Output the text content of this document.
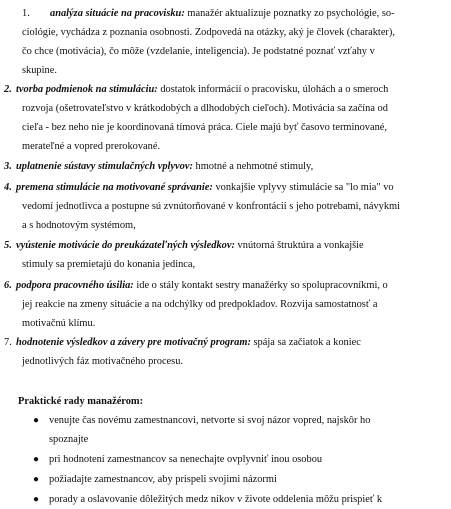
1. analýza situácie na pracovisku: manažér aktualizuje poznatky zo psychológie, so-
ciológie, vychádza z poznania osobnosti. Zodpovedá na otázky, aký je človek (charakter),
čo chce (motivácia), čo môže (vzdelanie, inteligencia). Je podstatné poznať vzťahy v
skupine.
2. tvorba podmienok na stimuláciu: dostatok informácií o pracovisku, úlohách a o smeroch
rozvoja (ošetrovateľstvo v krátkodobých a dlhodobých cieľoch). Motivácia sa začína od
cieľa - bez neho nie je koordinovaná tímová práca. Ciele majú byť časovo terminované,
merateľné a vopred prerokované.
3. uplatnenie sústavy stimulačných vplyvov: hmotné a nehmotné stimuly,
4. premena stimulácie na motivované správanie: vonkajšie vplyvy stimulácie sa "lo mia" vo
vedomí jednotlivca a postupne sú zvnútorňované v konfrontácii s jeho potrebami, návykmi
a s hodnotovým systémom,
5. vyústenie motivácie do preukázateľných výsledkov: vnútorná štruktúra a vonkajšie
stimuly sa premietajú do konania jedinca,
6. podpora pracovného úsilia: ide o stály kontakt sestry manažérky so spolupracovníkmi, o
jej reakcie na zmeny situácie a na odchýlky od predpokladov. Rozvija samostatnosť a
motivačnú klímu.
7. hodnotenie výsledkov a závery pre motivačný program: spája sa začiatok a koniec
jednotlivých fáz motivačného procesu.
Praktické rady manažérom:
● venujte čas novému zamestnancovi, netvorte si svoj názor vopred, najskôr ho
spoznajte
● pri hodnotení zamestnancov sa nenechajte ovplyvniť inou osobou
● požiadajte zamestnancov, aby prispeli svojimi názormi
● porady a oslavovanie dôležitých medz níkov v živote oddelenia môžu prispieť k
